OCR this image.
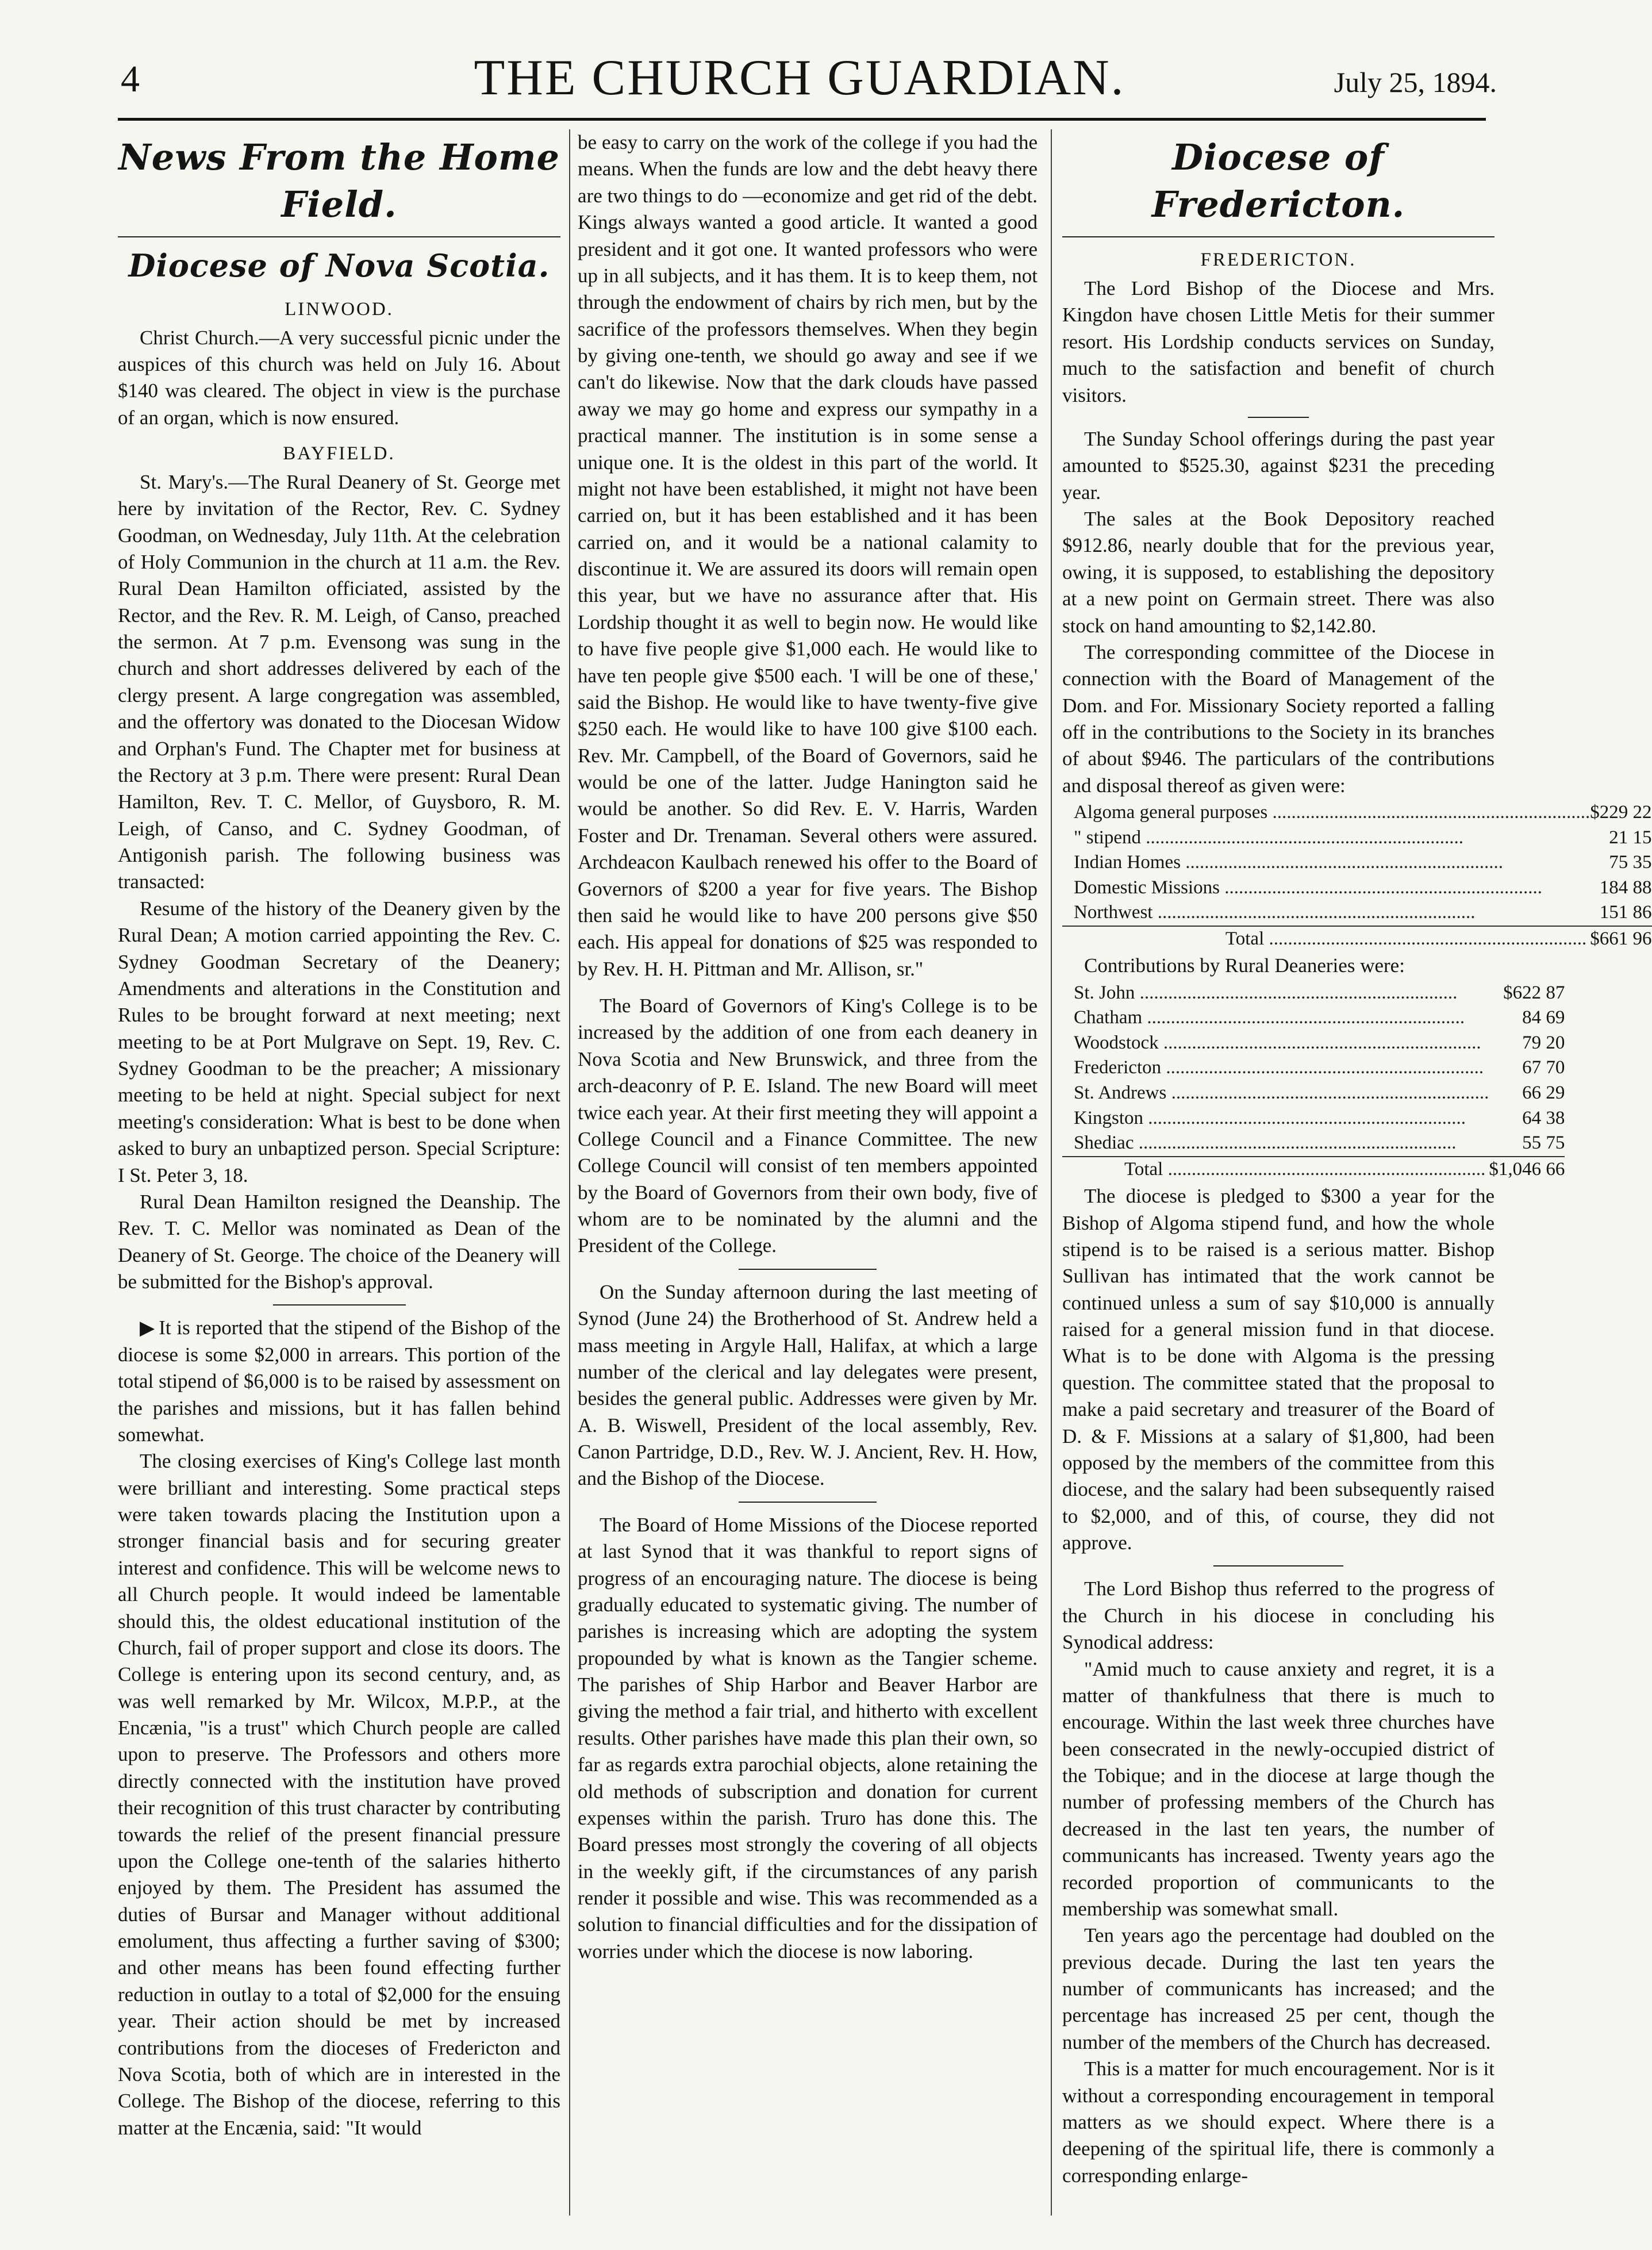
4	THE CHURCH GUARDIAN.	July 25, 1894.
News From the Home Field.
Diocese of Nova Scotia.
LINWOOD.

Christ Church.—A very successful picnic under the auspices of this church was held on July 16. About $140 was cleared. The object in view is the purchase of an organ, which is now ensured.

BAYFIELD.

St. Mary's.—The Rural Deanery of St. George met here by invitation of the Rector, Rev. C. Sydney Goodman, on Wednesday, July 11th. At the celebration of Holy Communion in the church at 11 a.m. the Rev. Rural Dean Hamilton officiated, assisted by the Rector, and the Rev. R. M. Leigh, of Canso, preached the sermon. At 7 p.m. Evensong was sung in the church and short addresses delivered by each of the clergy present. A large congregation was assembled, and the offertory was donated to the Diocesan Widow and Orphan's Fund. The Chapter met for business at the Rectory at 3 p.m. There were present: Rural Dean Hamilton, Rev. T. C. Mellor, of Guysboro, R. M. Leigh, of Canso, and C. Sydney Goodman, of Antigonish parish. The following business was transacted:

Resume of the history of the Deanery given by the Rural Dean; A motion carried appointing the Rev. C. Sydney Goodman Secretary of the Deanery; Amendments and alterations in the Constitution and Rules to be brought forward at next meeting; next meeting to be at Port Mulgrave on Sept. 19, Rev. C. Sydney Goodman to be the preacher; A missionary meeting to be held at night. Special subject for next meeting's consideration: What is best to be done when asked to bury an unbaptized person. Special Scripture: I St. Peter 3, 18.

Rural Dean Hamilton resigned the Deanship. The Rev. T. C. Mellor was nominated as Dean of the Deanery of St. George. The choice of the Deanery will be submitted for the Bishop's approval.

▶ It is reported that the stipend of the Bishop of the diocese is some $2,000 in arrears. This portion of the total stipend of $6,000 is to be raised by assessment on the parishes and missions, but it has fallen behind somewhat.

The closing exercises of King's College last month were brilliant and interesting. Some practical steps were taken towards placing the Institution upon a stronger financial basis and for securing greater interest and confidence. This will be welcome news to all Church people. It would indeed be lamentable should this, the oldest educational institution of the Church, fail of proper support and close its doors. The College is entering upon its second century, and, as was well remarked by Mr. Wilcox, M.P.P., at the Encænia, "is a trust" which Church people are called upon to preserve. The Professors and others more directly connected with the institution have proved their recognition of this trust character by contributing towards the relief of the present financial pressure upon the College one-tenth of the salaries hitherto enjoyed by them. The President has assumed the duties of Bursar and Manager without additional emolument, thus affecting a further saving of $300; and other means has been found effecting further reduction in outlay to a total of $2,000 for the ensuing year. Their action should be met by increased contributions from the dioceses of Fredericton and Nova Scotia, both of which are in interested in the College. The Bishop of the diocese, referring to this matter at the Encænia, said: "It would

be easy to carry on the work of the college if you had the means. When the funds are low and the debt heavy there are two things to do —economize and get rid of the debt. Kings always wanted a good article. It wanted a good president and it got one. It wanted professors who were up in all subjects, and it has them. It is to keep them, not through the endowment of chairs by rich men, but by the sacrifice of the professors themselves. When they begin by giving one-tenth, we should go away and see if we can't do likewise. Now that the dark clouds have passed away we may go home and express our sympathy in a practical manner. The institution is in some sense a unique one. It is the oldest in this part of the world. It might not have been established, it might not have been carried on, but it has been established and it has been carried on, and it would be a national calamity to discontinue it. We are assured its doors will remain open this year, but we have no assurance after that. His Lordship thought it as well to begin now. He would like to have five people give $1,000 each. He would like to have ten people give $500 each. 'I will be one of these,' said the Bishop. He would like to have twenty-five give $250 each. He would like to have 100 give $100 each. Rev. Mr. Campbell, of the Board of Governors, said he would be one of the latter. Judge Hanington said he would be another. So did Rev. E. V. Harris, Warden Foster and Dr. Trenaman. Several others were assured. Archdeacon Kaulbach renewed his offer to the Board of Governors of $200 a year for five years. The Bishop then said he would like to have 200 persons give $50 each. His appeal for donations of $25 was responded to by Rev. H. H. Pittman and Mr. Allison, sr."

The Board of Governors of King's College is to be increased by the addition of one from each deanery in Nova Scotia and New Brunswick, and three from the arch-deaconry of P. E. Island. The new Board will meet twice each year. At their first meeting they will appoint a College Council and a Finance Committee. The new College Council will consist of ten members appointed by the Board of Governors from their own body, five of whom are to be nominated by the alumni and the President of the College.

On the Sunday afternoon during the last meeting of Synod (June 24) the Brotherhood of St. Andrew held a mass meeting in Argyle Hall, Halifax, at which a large number of the clerical and lay delegates were present, besides the general public. Addresses were given by Mr. A. B. Wiswell, President of the local assembly, Rev. Canon Partridge, D.D., Rev. W. J. Ancient, Rev. H. How, and the Bishop of the Diocese.

The Board of Home Missions of the Diocese reported at last Synod that it was thankful to report signs of progress of an encouraging nature. The diocese is being gradually educated to systematic giving. The number of parishes is increasing which are adopting the system propounded by what is known as the Tangier scheme. The parishes of Ship Harbor and Beaver Harbor are giving the method a fair trial, and hitherto with excellent results. Other parishes have made this plan their own, so far as regards extra parochial objects, alone retaining the old methods of subscription and donation for current expenses within the parish. Truro has done this. The Board presses most strongly the covering of all objects in the weekly gift, if the circumstances of any parish render it possible and wise. This was recommended as a solution to financial difficulties and for the dissipation of worries under which the diocese is now laboring.

Diocese of Fredericton.
FREDERICTON.

The Lord Bishop of the Diocese and Mrs. Kingdon have chosen Little Metis for their summer resort. His Lordship conducts services on Sunday, much to the satisfaction and benefit of church visitors.

The Sunday School offerings during the past year amounted to $525.30, against $231 the preceding year.

The sales at the Book Depository reached $912.86, nearly double that for the previous year, owing, it is supposed, to establishing the depository at a new point on Germain street. There was also stock on hand amounting to $2,142.80.

The corresponding committee of the Diocese in connection with the Board of Management of the Dom. and For. Missionary Society reported a falling off in the contributions to the Society in its branches of about $946. The particulars of the contributions and disposal thereof as given were:

Algoma general purposes .....	$229 22
" stipend .....	21 15
Indian Homes .....	75 35
Domestic Missions .....	184 88
Northwest .....	151 86
Total .....	$661 96

Contributions by Rural Deaneries were:

St. John .....	$622 87
Chatham .....	84 69
Woodstock .....	79 20
Fredericton .....	67 70
St. Andrews .....	66 29
Kingston .....	64 38
Shediac .....	55 75
Total .....	$1,046 66

The diocese is pledged to $300 a year for the Bishop of Algoma stipend fund, and how the whole stipend is to be raised is a serious matter. Bishop Sullivan has intimated that the work cannot be continued unless a sum of say $10,000 is annually raised for a general mission fund in that diocese. What is to be done with Algoma is the pressing question. The committee stated that the proposal to make a paid secretary and treasurer of the Board of D. & F. Missions at a salary of $1,800, had been opposed by the members of the committee from this diocese, and the salary had been subsequently raised to $2,000, and of this, of course, they did not approve.

The Lord Bishop thus referred to the progress of the Church in his diocese in concluding his Synodical address:

"Amid much to cause anxiety and regret, it is a matter of thankfulness that there is much to encourage. Within the last week three churches have been consecrated in the newly-occupied district of the Tobique; and in the diocese at large though the number of professing members of the Church has decreased in the last ten years, the number of communicants has increased. Twenty years ago the recorded proportion of communicants to the membership was somewhat small.

Ten years ago the percentage had doubled on the previous decade. During the last ten years the number of communicants has increased; and the percentage has increased 25 per cent, though the number of the members of the Church has decreased.

This is a matter for much encouragement. Nor is it without a corresponding encouragement in temporal matters as we should expect. Where there is a deepening of the spiritual life, there is commonly a corresponding enlarge-
